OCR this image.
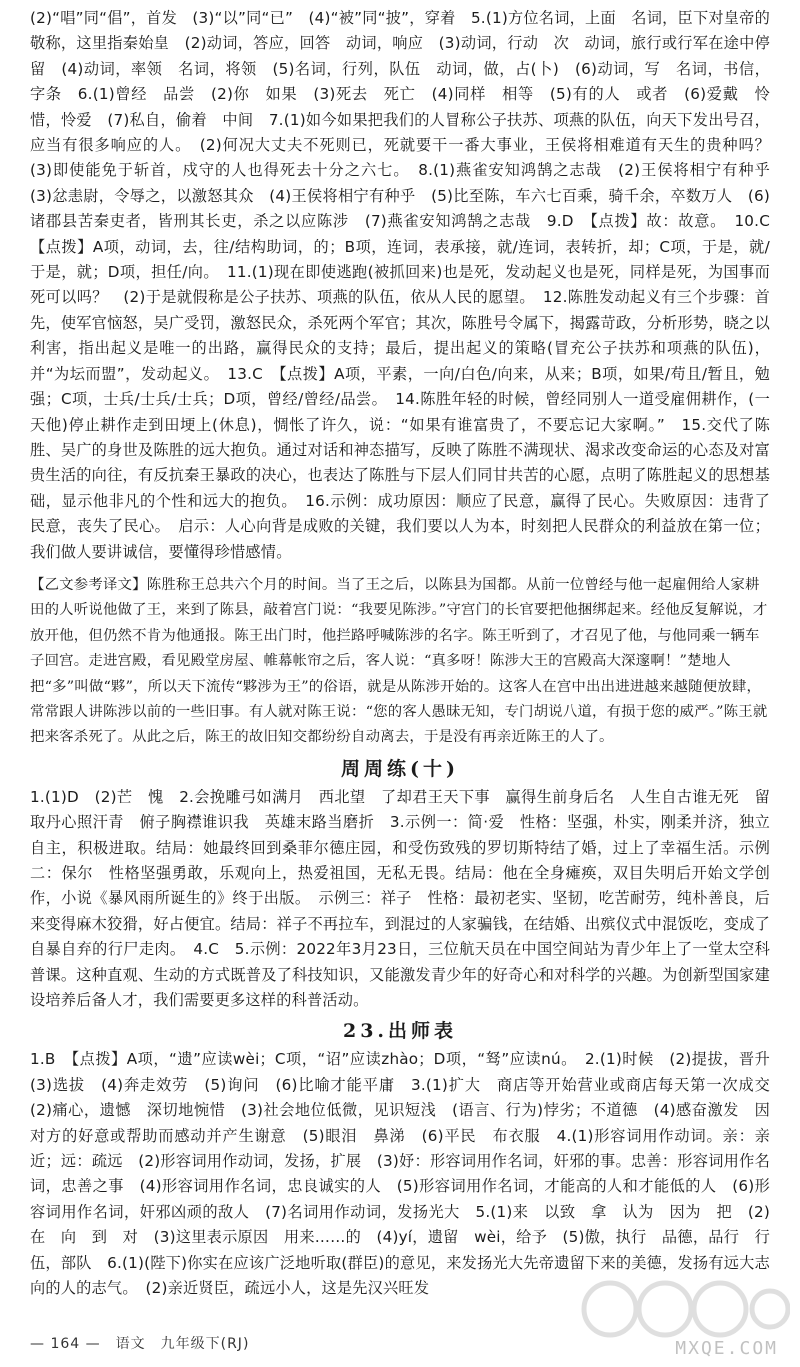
(2)“唱”同“倡”，首发　(3)“以”同“已”　(4)“被”同“披”，穿着　5.(1)方位名词，上面　名词，臣下对皇帝的敬称，这里指秦始皇　(2)动词，答应，回答　动词，响应　(3)动词，行动　次　动词，旅行或行军在途中停留　(4)动词，率领　名词，将领　(5)名词，行列，队伍　动词，做，占(卜)　(6)动词，写　名词，书信，字条　6.(1)曾经　品尝　(2)你　如果　(3)死去　死亡　(4)同样　相等　(5)有的人　或者　(6)爱戴　怜惜，怜爱　(7)私自，偷着　中间　7.(1)如今如果把我们的人冒称公子扶苏、项燕的队伍，向天下发出号召，应当有很多响应的人。　(2)何况大丈夫不死则已，死就要干一番大事业，王侯将相难道有天生的贵种吗？　(3)即使能免于斩首，戍守的人也得死去十分之六七。　8.(1)燕雀安知鸿鹄之志哉　(2)王侯将相宁有种乎　(3)忿恚尉，令辱之，以激怒其众　(4)王侯将相宁有种乎　(5)比至陈，车六七百乘，骑千余，卒数万人　(6)诸郡县苦秦吏者，皆刑其长吏，杀之以应陈涉　(7)燕雀安知鸿鹄之志哉　9.D　【点拨】故：故意。　10.C　【点拨】A项，动词，去，往/结构助词，的；B项，连词，表承接，就/连词，表转折，却；C项，于是，就/于是，就；D项，担任/向。　11.(1)现在即使逃跑(被抓回来)也是死，发动起义也是死，同样是死，为国事而死可以吗？　(2)于是就假称是公子扶苏、项燕的队伍，依从人民的愿望。　12.陈胜发动起义有三个步骤：首先，使军官恼怒，吴广受罚，激怒民众，杀死两个军官；其次，陈胜号令属下，揭露苛政，分析形势，晓之以利害，指出起义是唯一的出路，赢得民众的支持；最后，提出起义的策略(冒充公子扶苏和项燕的队伍)，并“为坛而盟”，发动起义。　13.C　【点拨】A项，平素，一向/白色/向来，从来；B项，如果/苟且/暂且，勉强；C项，士兵/士兵/士兵；D项，曾经/曾经/品尝。　14.陈胜年轻的时候，曾经同别人一道受雇佣耕作，(一天他)停止耕作走到田埂上(休息)，惆怅了许久，说：“如果有谁富贵了，不要忘记大家啊。”　15.交代了陈胜、吴广的身世及陈胜的远大抱负。通过对话和神态描写，反映了陈胜不满现状、渴求改变命运的心态及对富贵生活的向往，有反抗秦王暴政的决心，也表达了陈胜与下层人们同甘共苦的心愿，点明了陈胜起义的思想基础，显示他非凡的个性和远大的抱负。　16.示例：成功原因：顺应了民意，赢得了民心。失败原因：违背了民意，丧失了民心。　启示：人心向背是成败的关键，我们要以人为本，时刻把人民群众的利益放在第一位；我们做人要讲诚信，要懂得珍惜感情。

【乙文参考译文】陈胜称王总共六个月的时间。当了王之后，以陈县为国都。从前一位曾经与他一起雇佣给人家耕田的人听说他做了王，来到了陈县，敲着宫门说：“我要见陈涉。”守宫门的长官要把他捆绑起来。经他反复解说，才放开他，但仍然不肯为他通报。陈王出门时，他拦路呼喊陈涉的名字。陈王听到了，才召见了他，与他同乘一辆车子回宫。走进宫殿，看见殿堂房屋、帷幕帐帘之后，客人说：“真多呀！陈涉大王的宫殿高大深邃啊！”楚地人把“多”叫做“夥”，所以天下流传“夥涉为王”的俗语，就是从陈涉开始的。这客人在宫中出出进进越来越随便放肆，常常跟人讲陈涉以前的一些旧事。有人就对陈王说：“您的客人愚昧无知，专门胡说八道，有损于您的威严。”陈王就把来客杀死了。从此之后，陈王的故旧知交都纷纷自动离去，于是没有再亲近陈王的人了。

周周练(十)

1.(1)D　(2)芒　愧　2.会挽雕弓如满月　西北望　了却君王天下事　赢得生前身后名　人生自古谁无死　留取丹心照汗青　俯子胸襟谁识我　英雄末路当磨折　3.示例一：简·爱　性格：坚强，朴实，刚柔并济，独立自主，积极进取。结局：她最终回到桑菲尔德庄园，和受伤致残的罗切斯特结了婚，过上了幸福生活。示例二：保尔　性格坚强勇敢，乐观向上，热爱祖国，无私无畏。结局：他在全身瘫痪，双目失明后开始文学创作，小说《暴风雨所诞生的》终于出版。　示例三：祥子　性格：最初老实、坚韧，吃苦耐劳，纯朴善良，后来变得麻木狡猾，好占便宜。结局：祥子不再拉车，到混过的人家骗钱，在结婚、出殡仪式中混饭吃，变成了自暴自弃的行尸走肉。　4.C　5.示例：2022年3月23日，三位航天员在中国空间站为青少年上了一堂太空科普课。这种直观、生动的方式既普及了科技知识，又能激发青少年的好奇心和对科学的兴趣。为创新型国家建设培养后备人才，我们需要更多这样的科普活动。

23.出师表

1.B　【点拨】A项，“遗”应读wèi；C项，“诏”应读zhào；D项，“驽”应读nú。　2.(1)时候　(2)提拔，晋升　(3)选拔　(4)奔走效劳　(5)询问　(6)比喻才能平庸　3.(1)扩大　商店等开始营业或商店每天第一次成交　(2)痛心，遗憾　深切地惋惜　(3)社会地位低微，见识短浅　(语言、行为)悖劣；不道德　(4)感奋激发　因对方的好意或帮助而感动并产生谢意　(5)眼泪　鼻涕　(6)平民　布衣服　4.(1)形容词用作动词。亲：亲近；远：疏远　(2)形容词用作动词，发扬，扩展　(3)妤：形容词用作名词，奸邪的事。忠善：形容词用作名词，忠善之事　(4)形容词用作名词，忠良诚实的人　(5)形容词用作名词，才能高的人和才能低的人　(6)形容词用作名词，奸邪凶顽的敌人　(7)名词用作动词，发扬光大　5.(1)来　以致　拿　认为　因为　把　(2)在　向　到　对　(3)这里表示原因　用来……的　(4)yí，遗留　wèi，给予　(5)傲，执行　品德，品行　行伍，部队　6.(1)(陛下)你实在应该广泛地听取(群臣)的意见，来发扬光大先帝遗留下来的美德，发扬有远大志向的人的志气。　(2)亲近贤臣，疏远小人，这是先汉兴旺发

— 164 —　语文　九年级下(RJ)	MXQE.COM
